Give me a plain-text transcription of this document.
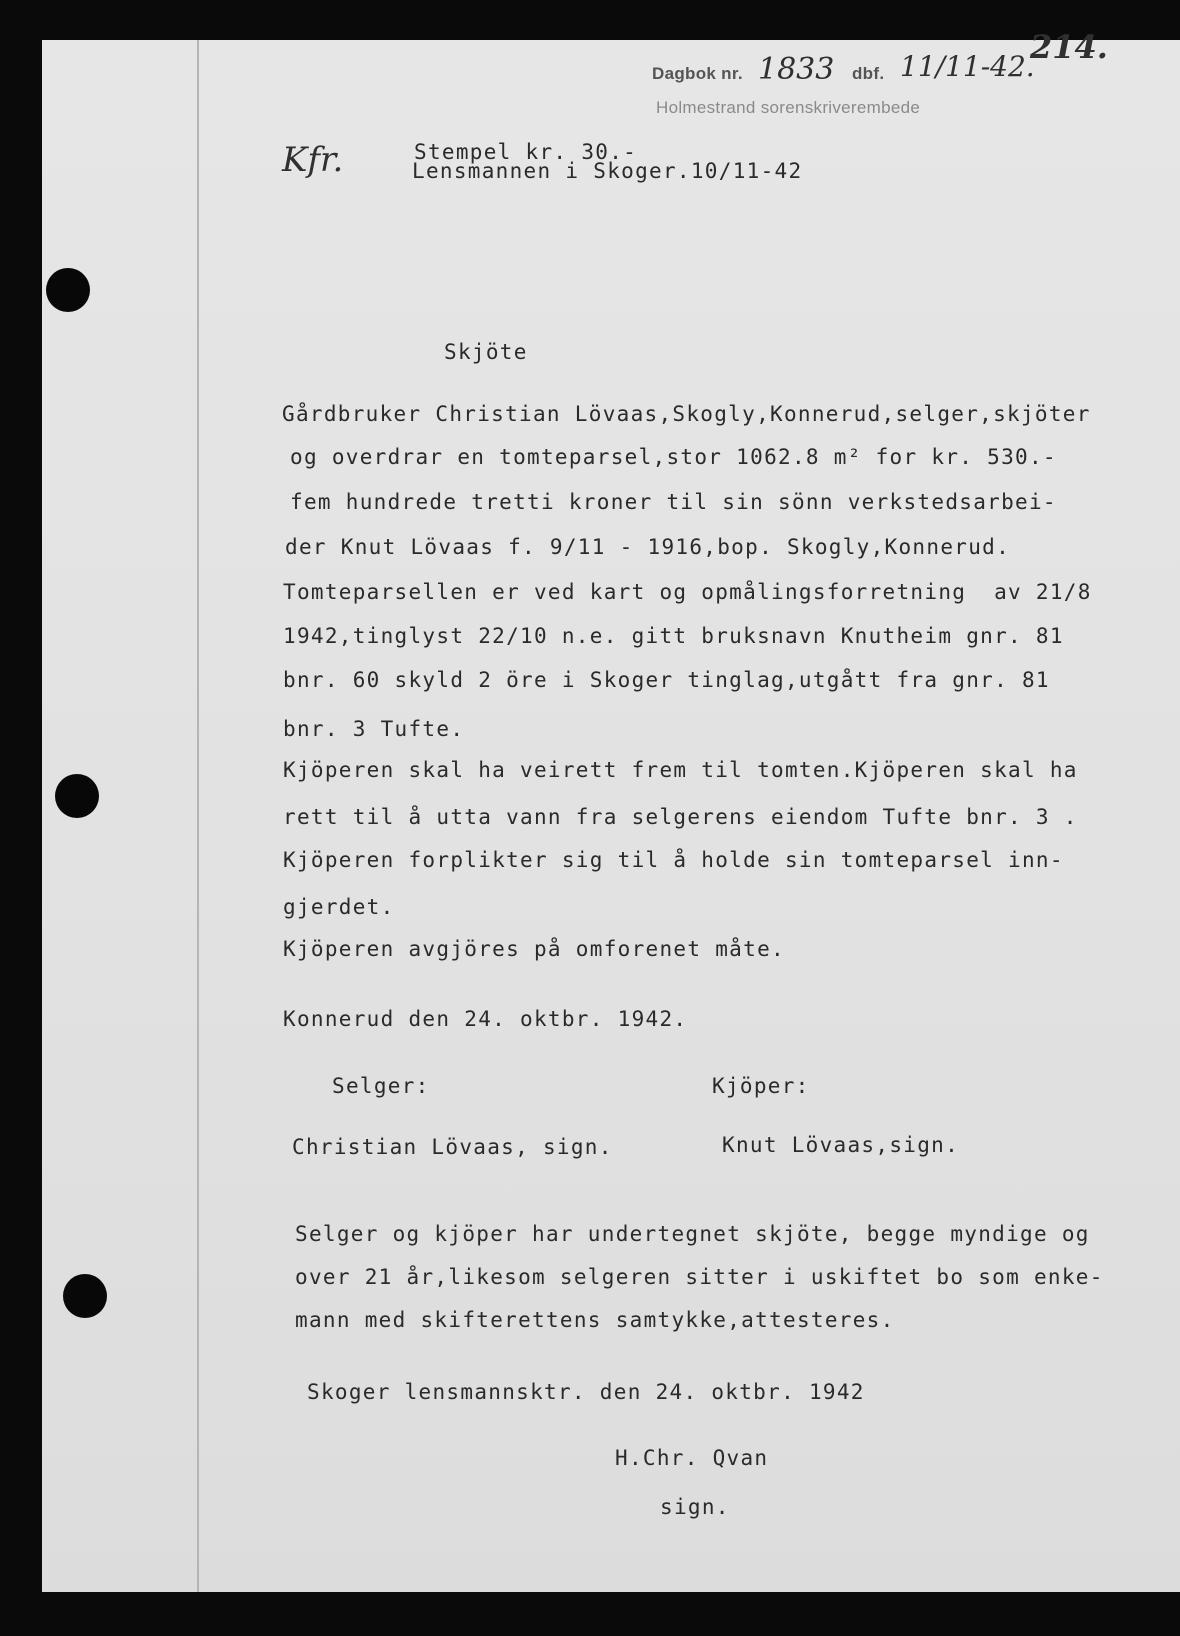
Dagbok nr. 1833 dbf. 11/11-42.
214.
Holmestrand sorenskriverembede
Kfr.	Stempel kr. 30.-
Lensmannen i Skoger.10/11-42
Skjöte
Gårdbruker Christian Lövaas,Skogly,Konnerud,selger,skjöter
og overdrar en tomteparsel,stor 1062.8 m² for kr. 530.-
fem hundrede tretti kroner til sin sönn verkstedsarbei-
der Knut Lövaas f. 9/11 - 1916,bop. Skogly,Konnerud.
Tomteparsellen er ved kart og opmålingsforretning  av 21/8
1942,tinglyst 22/10 n.e. gitt bruksnavn Knutheim gnr. 81
bnr. 60 skyld 2 öre i Skoger tinglag,utgått fra gnr. 81
bnr. 3 Tufte.
Kjöperen skal ha veirett frem til tomten.Kjöperen skal ha
rett til å utta vann fra selgerens eiendom Tufte bnr. 3 .
Kjöperen forplikter sig til å holde sin tomteparsel inn-
gjerdet.
Kjöperen avgjöres på omforenet måte.
Konnerud den 24. oktbr. 1942.
Selger:	Kjöper:
Christian Lövaas, sign.	Knut Lövaas,sign.
Selger og kjöper har undertegnet skjöte, begge myndige og
over 21 år,likesom selgeren sitter i uskiftet bo som enke-
mann med skifterettens samtykke,attesteres.
Skoger lensmannsktr. den 24. oktbr. 1942
H.Chr. Qvan
sign.
